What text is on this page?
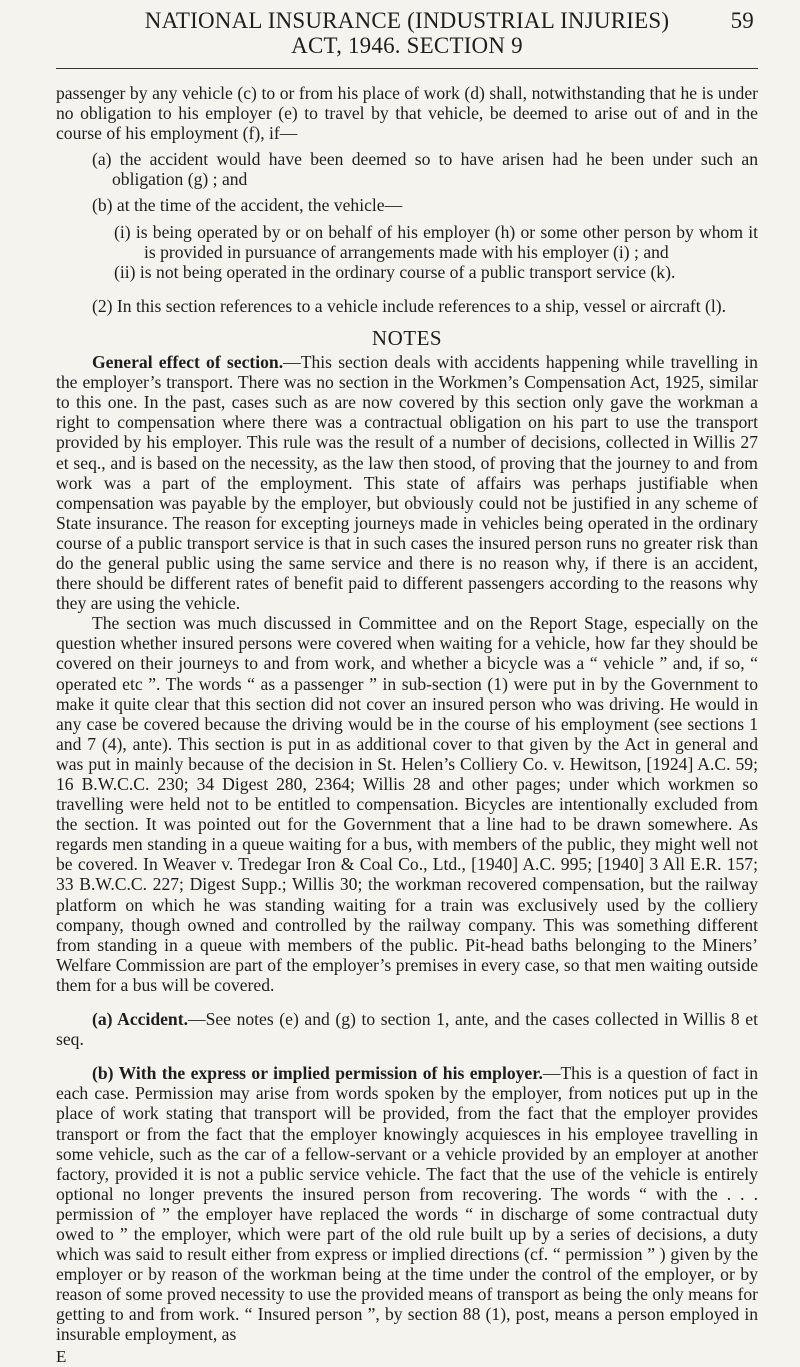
NATIONAL INSURANCE (INDUSTRIAL INJURIES)
ACT, 1946. SECTION 9
59

passenger by any vehicle (c) to or from his place of work (d) shall, notwithstanding that he is under no obligation to his employer (e) to travel by that vehicle, be deemed to arise out of and in the course of his employment (f), if—

(a) the accident would have been deemed so to have arisen had he been under such an obligation (g) ; and

(b) at the time of the accident, the vehicle—

(i) is being operated by or on behalf of his employer (h) or some other person by whom it is provided in pursuance of arrangements made with his employer (i) ; and

(ii) is not being operated in the ordinary course of a public transport service (k).

(2) In this section references to a vehicle include references to a ship, vessel or aircraft (l).

NOTES

General effect of section.—This section deals with accidents happening while travelling in the employer’s transport. There was no section in the Workmen’s Compensation Act, 1925, similar to this one. In the past, cases such as are now covered by this section only gave the workman a right to compensation where there was a contractual obligation on his part to use the transport provided by his employer. This rule was the result of a number of decisions, collected in Willis 27 et seq., and is based on the necessity, as the law then stood, of proving that the journey to and from work was a part of the employment. This state of affairs was perhaps justifiable when compensation was payable by the employer, but obviously could not be justified in any scheme of State insurance. The reason for excepting journeys made in vehicles being operated in the ordinary course of a public transport service is that in such cases the insured person runs no greater risk than do the general public using the same service and there is no reason why, if there is an accident, there should be different rates of benefit paid to different passengers according to the reasons why they are using the vehicle.

The section was much discussed in Committee and on the Report Stage, especially on the question whether insured persons were covered when waiting for a vehicle, how far they should be covered on their journeys to and from work, and whether a bicycle was a “ vehicle ” and, if so, “ operated etc ”. The words “ as a passenger ” in sub-section (1) were put in by the Government to make it quite clear that this section did not cover an insured person who was driving. He would in any case be covered because the driving would be in the course of his employment (see sections 1 and 7 (4), ante). This section is put in as additional cover to that given by the Act in general and was put in mainly because of the decision in St. Helen’s Colliery Co. v. Hewitson, [1924] A.C. 59; 16 B.W.C.C. 230; 34 Digest 280, 2364; Willis 28 and other pages; under which workmen so travelling were held not to be entitled to compensation. Bicycles are intentionally excluded from the section. It was pointed out for the Government that a line had to be drawn somewhere. As regards men standing in a queue waiting for a bus, with members of the public, they might well not be covered. In Weaver v. Tredegar Iron & Coal Co., Ltd., [1940] A.C. 995; [1940] 3 All E.R. 157; 33 B.W.C.C. 227; Digest Supp.; Willis 30; the workman recovered compensation, but the railway platform on which he was standing waiting for a train was exclusively used by the colliery company, though owned and controlled by the railway company. This was something different from standing in a queue with members of the public. Pit-head baths belonging to the Miners’ Welfare Commission are part of the employer’s premises in every case, so that men waiting outside them for a bus will be covered.

(a) Accident.—See notes (e) and (g) to section 1, ante, and the cases collected in Willis 8 et seq.

(b) With the express or implied permission of his employer.—This is a question of fact in each case. Permission may arise from words spoken by the employer, from notices put up in the place of work stating that transport will be provided, from the fact that the employer provides transport or from the fact that the employer knowingly acquiesces in his employee travelling in some vehicle, such as the car of a fellow-servant or a vehicle provided by an employer at another factory, provided it is not a public service vehicle. The fact that the use of the vehicle is entirely optional no longer prevents the insured person from recovering. The words “ with the . . . permission of ” the employer have replaced the words “ in discharge of some contractual duty owed to ” the employer, which were part of the old rule built up by a series of decisions, a duty which was said to result either from express or implied directions (cf. “ permission ” ) given by the employer or by reason of the workman being at the time under the control of the employer, or by reason of some proved necessity to use the provided means of transport as being the only means for getting to and from work. “ Insured person ”, by section 88 (1), post, means a person employed in insurable employment, as

E
